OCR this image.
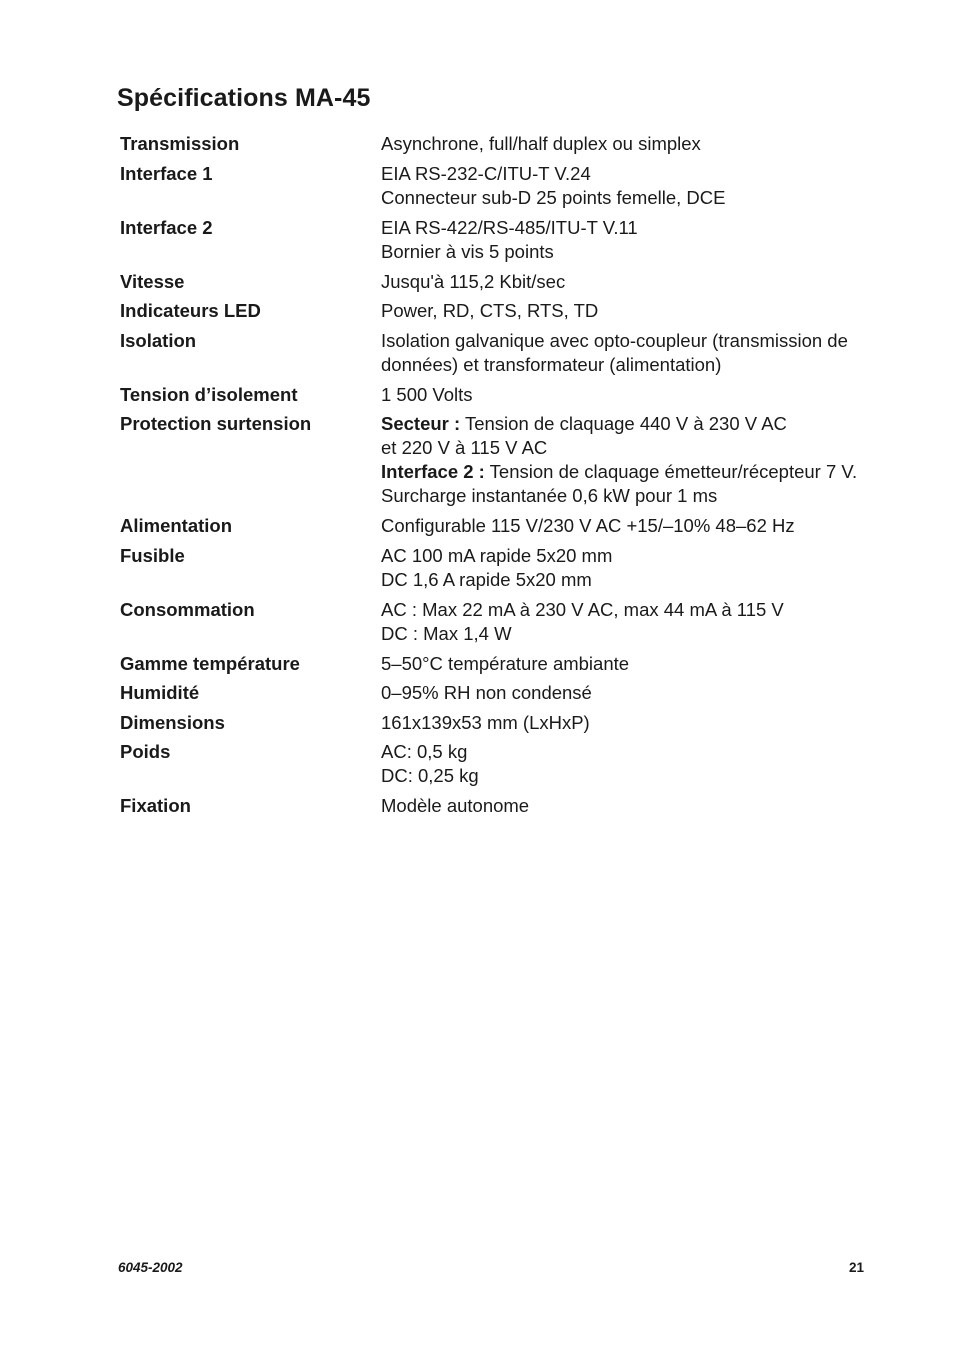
Spécifications MA-45
Transmission	Asynchrone, full/half duplex ou simplex
Interface 1	EIA RS-232-C/ITU-T V.24
Connecteur sub-D 25 points femelle, DCE
Interface 2	EIA RS-422/RS-485/ITU-T V.11
Bornier à vis 5 points
Vitesse	Jusqu'à 115,2 Kbit/sec
Indicateurs LED	Power, RD, CTS, RTS, TD
Isolation	Isolation galvanique avec opto-coupleur (transmission de
données) et transformateur (alimentation)
Tension d’isolement	1 500 Volts
Protection surtension	Secteur : Tension de claquage 440 V à 230 V AC
et 220 V à 115 V AC
Interface 2 : Tension de claquage émetteur/récepteur 7 V.
Surcharge instantanée 0,6 kW pour 1 ms
Alimentation	Configurable 115 V/230 V AC +15/–10% 48–62 Hz
Fusible	AC 100 mA rapide 5x20 mm
DC 1,6 A rapide 5x20 mm
Consommation	AC : Max 22 mA à 230 V AC, max 44 mA à 115 V
DC : Max 1,4 W
Gamme température	5–50°C température ambiante
Humidité	0–95% RH non condensé
Dimensions	161x139x53 mm (LxHxP)
Poids	AC: 0,5 kg
DC: 0,25 kg
Fixation	Modèle autonome
6045-2002	21
